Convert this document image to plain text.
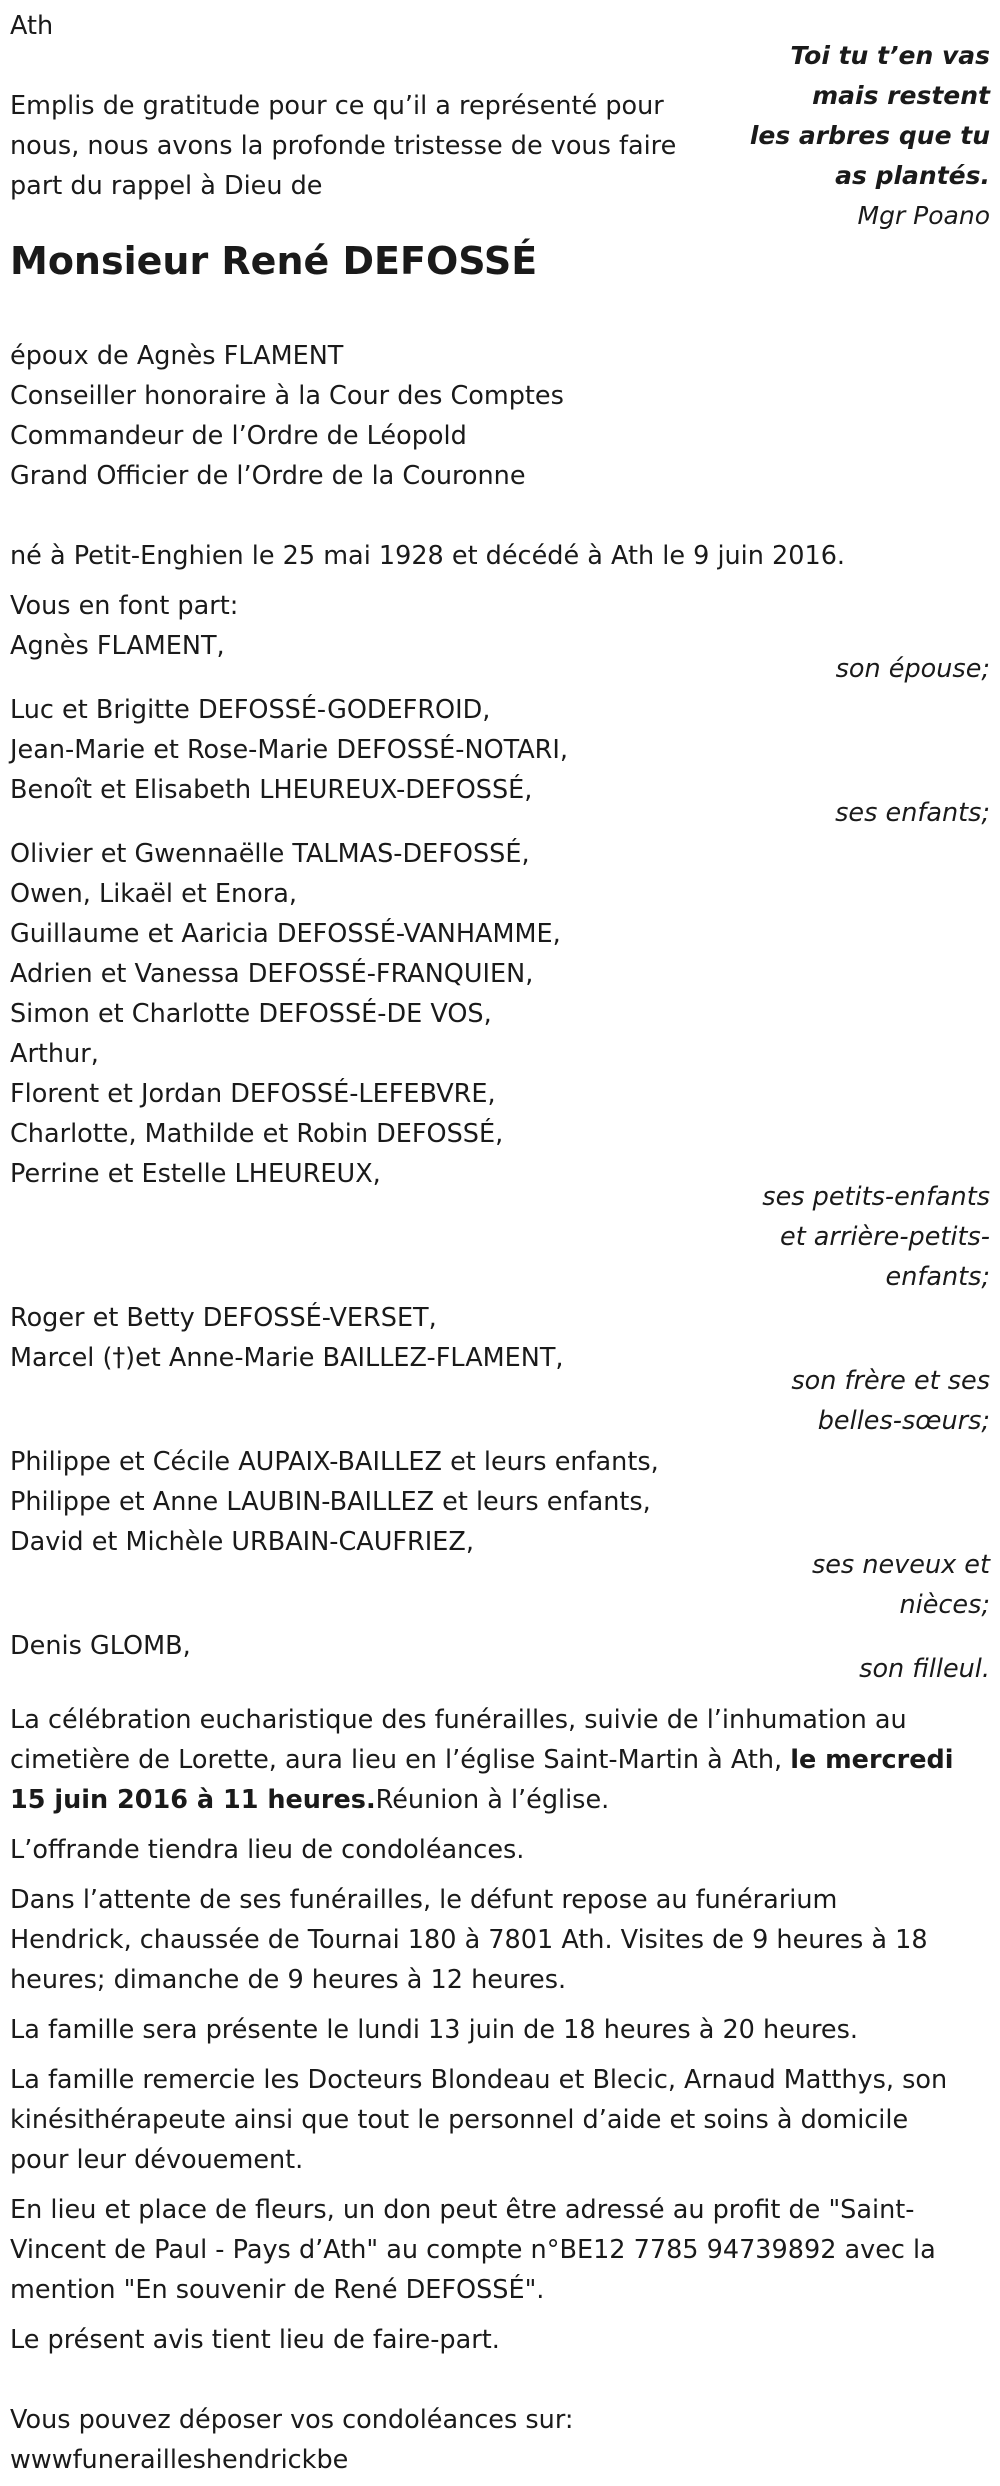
Ath
Toi tu t’en vas
mais restent
les arbres que tu
as plantés.
Mgr Poano
Emplis de gratitude pour ce qu’il a représenté pour
nous, nous avons la profonde tristesse de vous faire
part du rappel à Dieu de
Monsieur René DEFOSSÉ
époux de Agnès FLAMENT
Conseiller honoraire à la Cour des Comptes
Commandeur de l’Ordre de Léopold
Grand Officier de l’Ordre de la Couronne
né à Petit-Enghien le 25 mai 1928 et décédé à Ath le 9 juin 2016.
Vous en font part:
Agnès FLAMENT,
son épouse;
Luc et Brigitte DEFOSSÉ-GODEFROID,
Jean-Marie et Rose-Marie DEFOSSÉ-NOTARI,
Benoît et Elisabeth LHEUREUX-DEFOSSÉ,
ses enfants;
Olivier et Gwennaëlle TALMAS-DEFOSSÉ,
Owen, Likaël et Enora,
Guillaume et Aaricia DEFOSSÉ-VANHAMME,
Adrien et Vanessa DEFOSSÉ-FRANQUIEN,
Simon et Charlotte DEFOSSÉ-DE VOS,
Arthur,
Florent et Jordan DEFOSSÉ-LEFEBVRE,
Charlotte, Mathilde et Robin DEFOSSÉ,
Perrine et Estelle LHEUREUX,
ses petits-enfants
et arrière-petits-
enfants;
Roger et Betty DEFOSSÉ-VERSET,
Marcel (†)et Anne-Marie BAILLEZ-FLAMENT,
son frère et ses
belles-sœurs;
Philippe et Cécile AUPAIX-BAILLEZ et leurs enfants,
Philippe et Anne LAUBIN-BAILLEZ et leurs enfants,
David et Michèle URBAIN-CAUFRIEZ,
ses neveux et
nièces;
Denis GLOMB,
son filleul.
La célébration eucharistique des funérailles, suivie de l’inhumation au
cimetière de Lorette, aura lieu en l’église Saint-Martin à Ath, le mercredi
15 juin 2016 à 11 heures.Réunion à l’église.
L’offrande tiendra lieu de condoléances.
Dans l’attente de ses funérailles, le défunt repose au funérarium
Hendrick, chaussée de Tournai 180 à 7801 Ath. Visites de 9 heures à 18
heures; dimanche de 9 heures à 12 heures.
La famille sera présente le lundi 13 juin de 18 heures à 20 heures.
La famille remercie les Docteurs Blondeau et Blecic, Arnaud Matthys, son
kinésithérapeute ainsi que tout le personnel d’aide et soins à domicile
pour leur dévouement.
En lieu et place de fleurs, un don peut être adressé au profit de "Saint-
Vincent de Paul - Pays d’Ath" au compte n°BE12 7785 94739892 avec la
mention "En souvenir de René DEFOSSÉ".
Le présent avis tient lieu de faire-part.
Vous pouvez déposer vos condoléances sur:
wwwfunerailleshendrickbe
